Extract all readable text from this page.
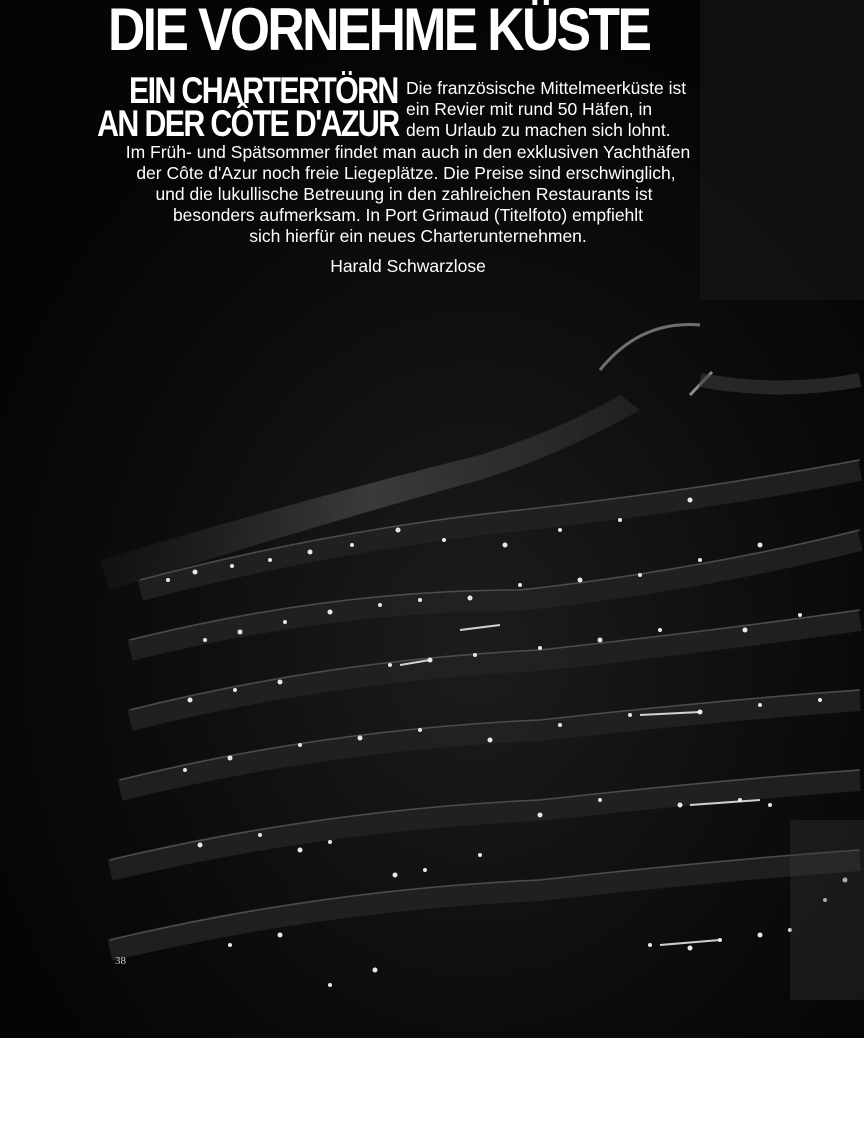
DIE VORNEHME KÜSTE
EIN CHARTERTÖRN
AN DER CÔTE D'AZUR

Die französische Mittelmeerküste ist

ein Revier mit rund 50 Häfen, in

dem Urlaub zu machen sich lohnt.

Im Früh- und Spätsommer findet man auch in den exklusiven Yachthäfen

der Côte d'Azur noch freie Liegeplätze. Die Preise sind erschwinglich,

und die lukullische Betreuung in den zahlreichen Restaurants ist

besonders aufmerksam. In Port Grimaud (Titelfoto) empfiehlt

sich hierfür ein neues Charterunternehmen.

Harald Schwarzlose

38
